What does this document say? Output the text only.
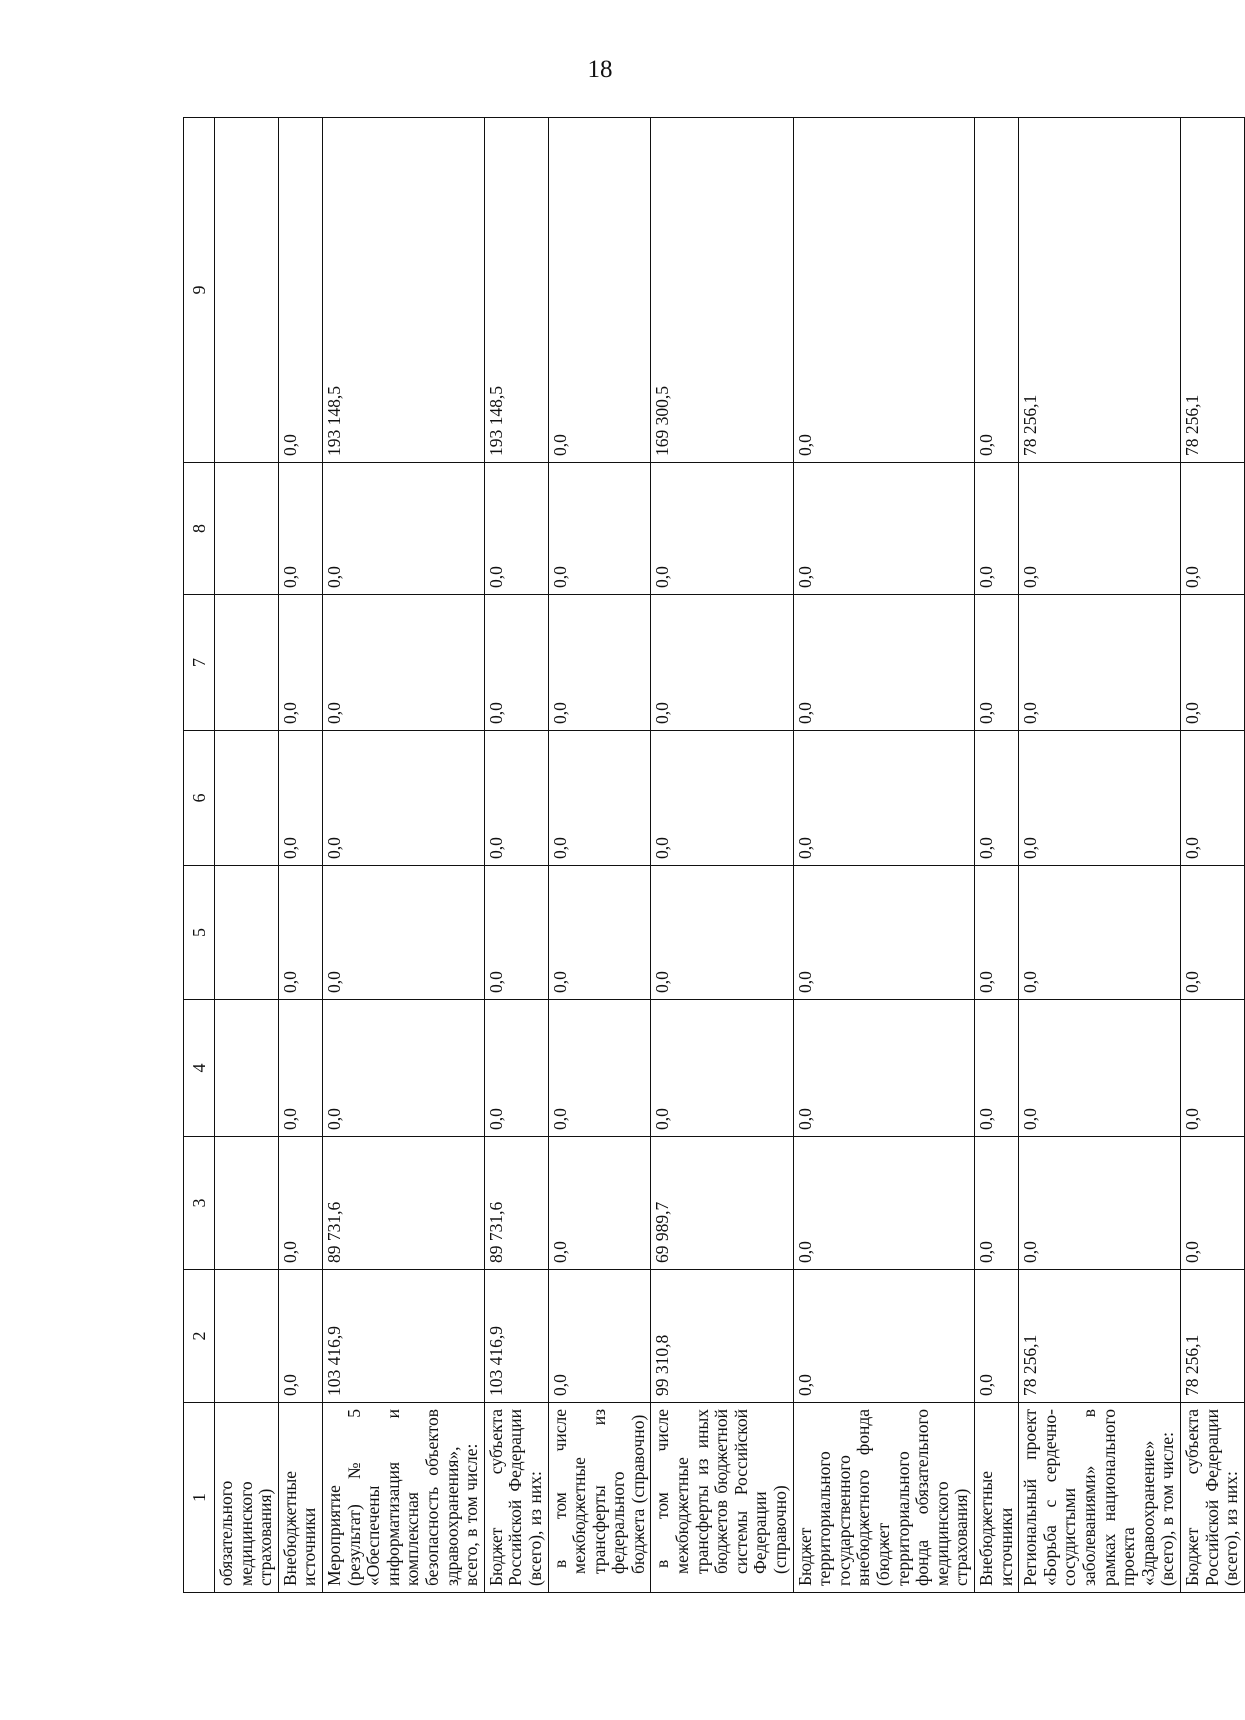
18
1	2	3	4	5	6	7	8	9
обязательного медицинского страхования)								
Внебюджетные источники	0,0	0,0	0,0	0,0	0,0	0,0	0,0	0,0
Мероприятие (результат) № 5 «Обеспечены информатизация и комплексная безопасность объектов здравоохранения», всего, в том числе:	103 416,9	89 731,6	0,0	0,0	0,0	0,0	0,0	193 148,5
Бюджет субъекта Российской Федерации (всего), из них:	103 416,9	89 731,6	0,0	0,0	0,0	0,0	0,0	193 148,5
в том числе межбюджетные трансферты из федерального бюджета (справочно)	0,0	0,0	0,0	0,0	0,0	0,0	0,0	0,0
в том числе межбюджетные трансферты из иных бюджетов бюджетной системы Российской Федерации (справочно)	99 310,8	69 989,7	0,0	0,0	0,0	0,0	0,0	169 300,5
Бюджет территориального государственного внебюджетного фонда (бюджет территориального фонда обязательного медицинского страхования)	0,0	0,0	0,0	0,0	0,0	0,0	0,0	0,0
Внебюджетные источники	0,0	0,0	0,0	0,0	0,0	0,0	0,0	0,0
Региональный проект «Борьба с сердечно-сосудистыми заболеваниями» в рамках национального проекта «Здравоохранение» (всего), в том числе:	78 256,1	0,0	0,0	0,0	0,0	0,0	0,0	78 256,1
Бюджет субъекта Российской Федерации (всего), из них:	78 256,1	0,0	0,0	0,0	0,0	0,0	0,0	78 256,1
